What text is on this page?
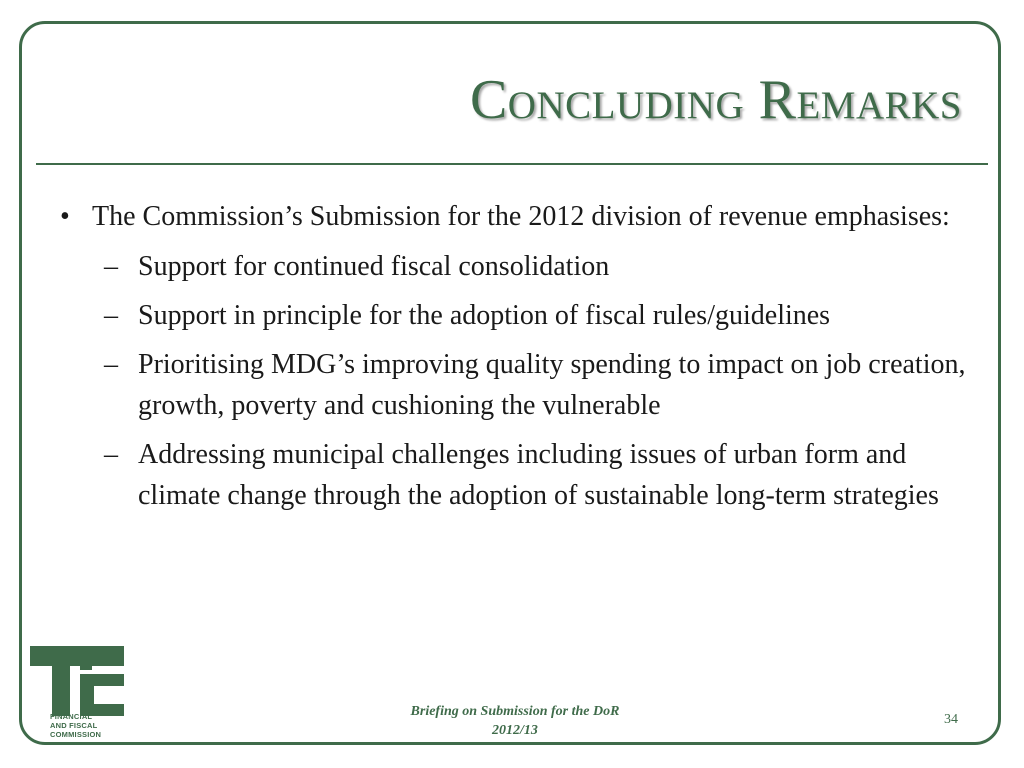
Concluding Remarks
• The Commission’s Submission for the 2012 division of revenue emphasises:
– Support for continued fiscal consolidation
– Support in principle for the adoption of fiscal rules/guidelines
– Prioritising MDG’s improving quality spending to impact on job creation, growth, poverty and cushioning the vulnerable
– Addressing municipal challenges including issues of urban form and climate change through the adoption of sustainable long-term strategies
FINANCIAL
AND FISCAL
COMMISSION
Briefing on Submission for the DoR
2012/13
34
